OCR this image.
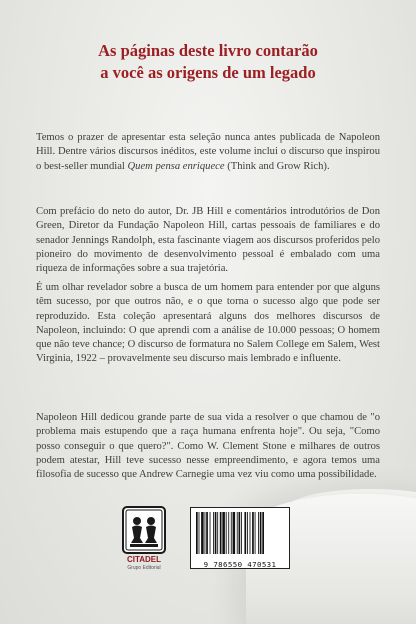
As páginas deste livro contarão
a você as origens de um legado
Temos o prazer de apresentar esta seleção nunca antes publicada de Napoleon Hill. Dentre vários discursos inéditos, este volume inclui o discurso que inspirou o best-seller mundial Quem pensa enriquece (Think and Grow Rich).
Com prefácio do neto do autor, Dr. JB Hill e comentários introdutórios de Don Green, Diretor da Fundação Napoleon Hill, cartas pessoais de familiares e do senador Jennings Randolph, esta fascinante viagem aos discursos proferidos pelo pioneiro do movimento de desenvolvimento pessoal é embalado com uma riqueza de informações sobre a sua trajetória.
É um olhar revelador sobre a busca de um homem para entender por que alguns têm sucesso, por que outros não, e o que torna o sucesso algo que pode ser reproduzido. Esta coleção apresentará alguns dos melhores discursos de Napoleon, incluindo: O que aprendi com a análise de 10.000 pessoas; O homem que não teve chance; O discurso de formatura no Salem College em Salem, West Virginia, 1922 – provavelmente seu discurso mais lembrado e influente.
Napoleon Hill dedicou grande parte de sua vida a resolver o que chamou de "o problema mais estupendo que a raça humana enfrenta hoje". Ou seja, "Como posso conseguir o que quero?". Como W. Clement Stone e milhares de outros podem atestar, Hill teve sucesso nesse empreendimento, e agora temos uma filosofia de sucesso que Andrew Carnegie uma vez viu como uma possibilidade.
CITADEL
Grupo Editorial	9 786550 470531
